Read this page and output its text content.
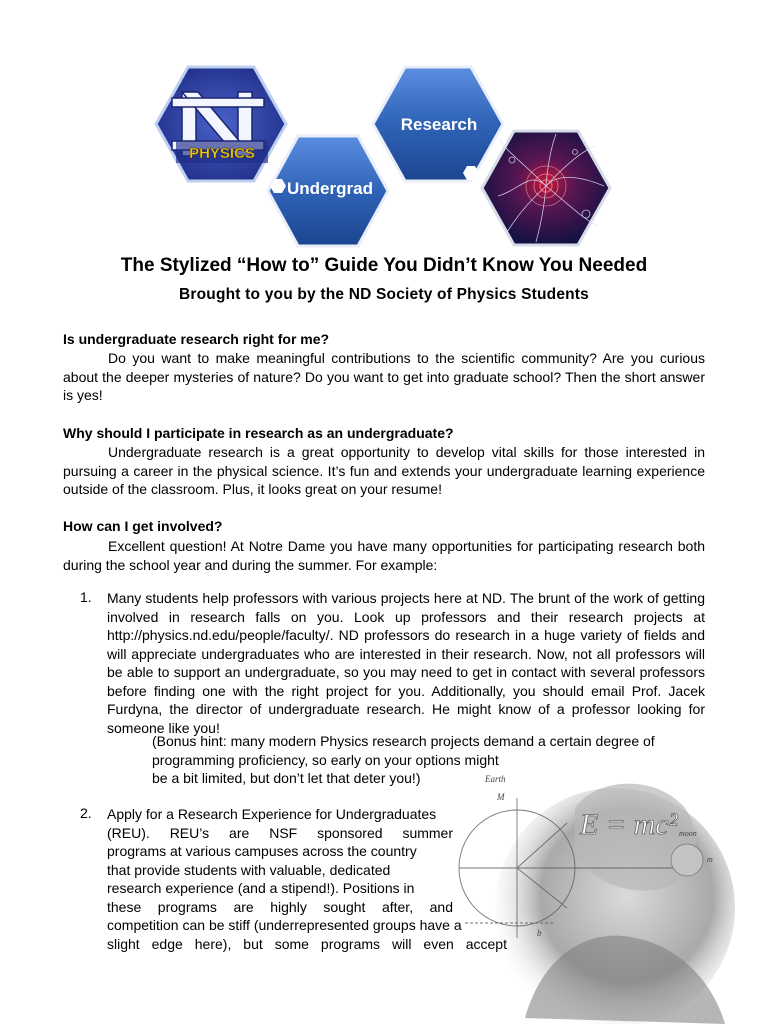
PHYSICS
Undergrad
Research
The Stylized “How to” Guide You Didn’t Know You Needed
Brought to you by the ND Society of Physics Students
Is undergraduate research right for me?
Do you want to make meaningful contributions to the scientific community? Are you curious about the deeper mysteries of nature? Do you want to get into graduate school? Then the short answer is yes!
Why should I participate in research as an undergraduate?
Undergraduate research is a great opportunity to develop vital skills for those interested in pursuing a career in the physical science. It’s fun and extends your undergraduate learning experience outside of the classroom. Plus, it looks great on your resume!
How can I get involved?
Excellent question! At Notre Dame you have many opportunities for participating research both during the school year and during the summer. For example:
1. Many students help professors with various projects here at ND. The brunt of the work of getting involved in research falls on you. Look up professors and their research projects at http://physics.nd.edu/people/faculty/. ND professors do research in a huge variety of fields and will appreciate undergraduates who are interested in their research. Now, not all professors will be able to support an undergraduate, so you may need to get in contact with several professors before finding one with the right project for you. Additionally, you should email Prof. Jacek Furdyna, the director of undergraduate research. He might know of a professor looking for someone like you!
(Bonus hint: many modern Physics research projects demand a certain degree of
programming proficiency, so early on your options might
be a bit limited, but don’t let that deter you!)	Earth
M
moon
m
b
E = mc²
2. Apply for a Research Experience for Undergraduates
(REU). REU’s are NSF sponsored summer
programs at various campuses across the country
that provide students with valuable, dedicated
research experience (and a stipend!). Positions in
these programs are highly sought after, and
competition can be stiff (underrepresented groups have a
slight edge here), but some programs will even accept
